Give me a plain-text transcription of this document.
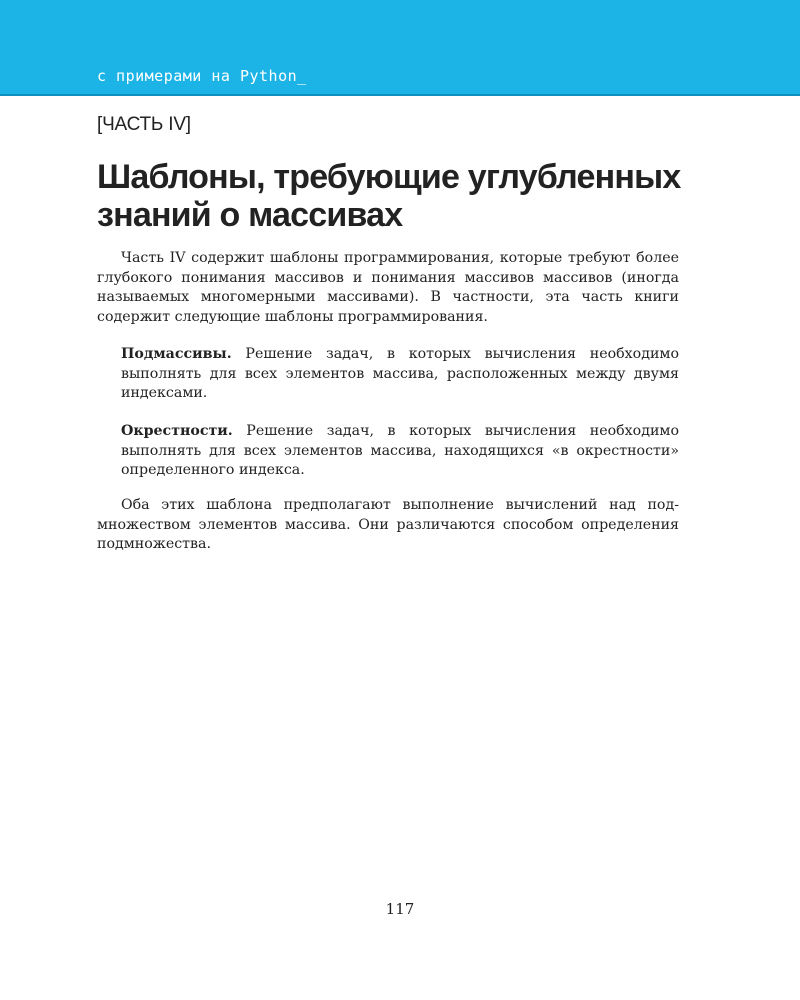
с примерами на Python_
[ЧАСТЬ IV]
Шаблоны, требующие углубленных
знаний о массивах

Часть IV содержит шаблоны программирования, которые требуют более глубокого понимания массивов и понимания массивов массивов (иногда называемых многомерными массивами). В частности, эта часть книги содержит следующие шаблоны программирования.

Подмассивы. Решение задач, в которых вычисления необходимо выполнять для всех элементов массива, расположенных между двумя индексами.

Окрестности. Решение задач, в которых вычисления необходимо выполнять для всех элементов массива, находящихся «в окрестности» определенного индекса.

Оба этих шаблона предполагают выполнение вычислений над подмножеством элементов массива. Они различаются способом определения подмножества.

117
